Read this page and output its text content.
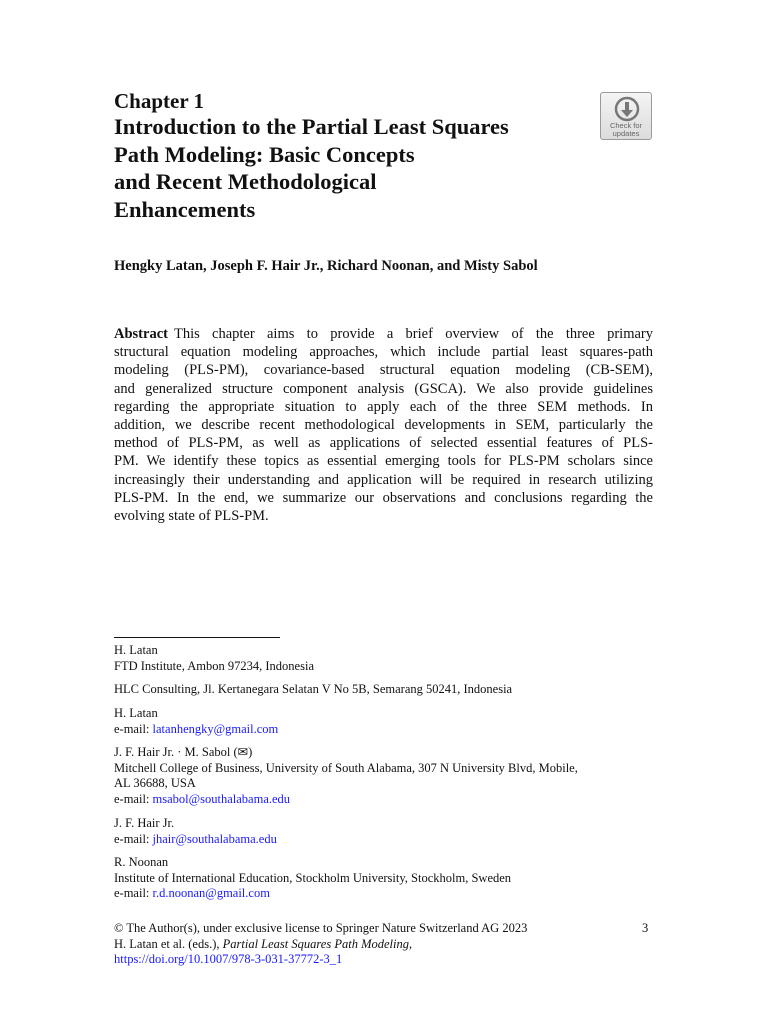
Chapter 1
Introduction to the Partial Least Squares
Path Modeling: Basic Concepts
and Recent Methodological
Enhancements
Check for
updates
Hengky Latan, Joseph F. Hair Jr., Richard Noonan, and Misty Sabol
Abstract This chapter aims to provide a brief overview of the three primary
structural equation modeling approaches, which include partial least squares-path
modeling (PLS-PM), covariance-based structural equation modeling (CB-SEM),
and generalized structure component analysis (GSCA). We also provide guidelines
regarding the appropriate situation to apply each of the three SEM methods. In
addition, we describe recent methodological developments in SEM, particularly the
method of PLS-PM, as well as applications of selected essential features of PLS-
PM. We identify these topics as essential emerging tools for PLS-PM scholars since
increasingly their understanding and application will be required in research utilizing
PLS-PM. In the end, we summarize our observations and conclusions regarding the
evolving state of PLS-PM.
H. Latan
FTD Institute, Ambon 97234, Indonesia
HLC Consulting, Jl. Kertanegara Selatan V No 5B, Semarang 50241, Indonesia
H. Latan
e-mail: latanhengky@gmail.com
J. F. Hair Jr. · M. Sabol (✉)
Mitchell College of Business, University of South Alabama, 307 N University Blvd, Mobile,
AL 36688, USA
e-mail: msabol@southalabama.edu
J. F. Hair Jr.
e-mail: jhair@southalabama.edu
R. Noonan
Institute of International Education, Stockholm University, Stockholm, Sweden
e-mail: r.d.noonan@gmail.com
© The Author(s), under exclusive license to Springer Nature Switzerland AG 2023
H. Latan et al. (eds.), Partial Least Squares Path Modeling,
https://doi.org/10.1007/978-3-031-37772-3_1
3
